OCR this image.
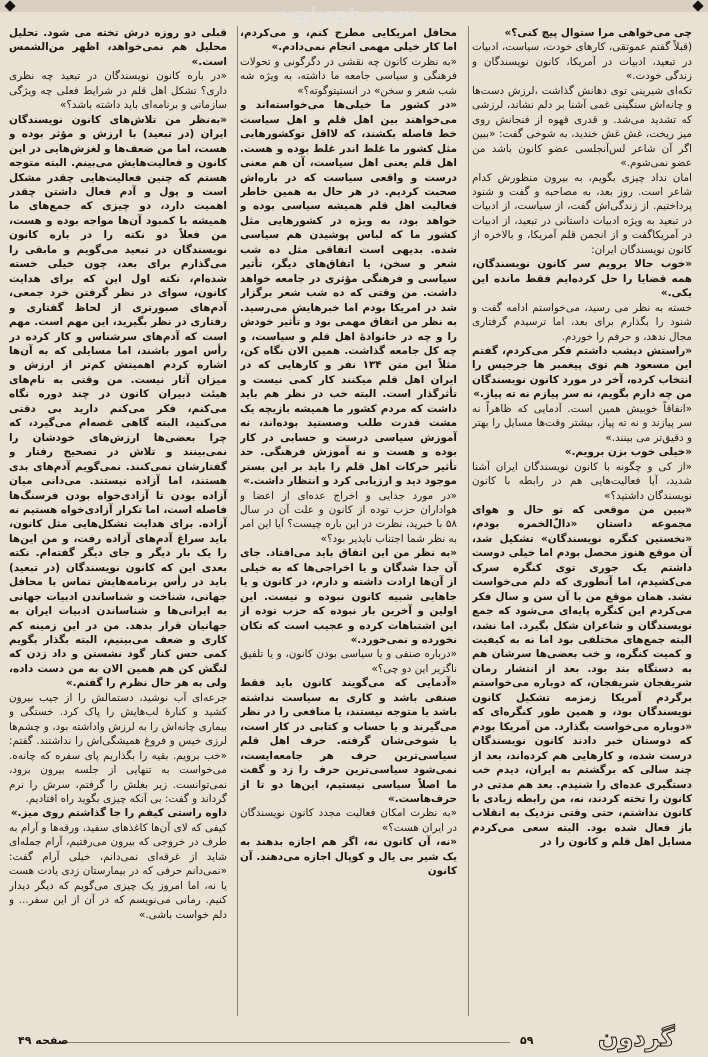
xalvat.com

چی می‌خواهی مرا ستوال پیچ کنی؟»

(قبلاً گفتم عموتقی، کارهای خودت، سیاست، ادبیات در تبعید، ادبیات در آمریکا، کانون نویسندگان و زندگی خودت.»

تکه‌ای شیرینی توی دهانش گذاشت ،لرزش دست‌ها و چانه‌اش سنگینی غمی آشنا بر دلم نشاند، لرزشی که تشدید می‌شد. و قدری قهوه از فنجانش روی میز ریخت، غش غش خندید، به شوخی گفت: «ببین اگر آن شاعر لس‌آنجلسی عضو کانون باشد من عضو نمی‌شوم.»

امان نداد چیزی بگویم، به بیرون منظورش کدام شاعر است. روز بعد، به مصاحبه و گفت و شنود پرداختیم. از زندگی‌اش گفت، از سیاست، از ادبیات در تبعید به ویژه ادبیات داستانی در تبعید، از ادبیات در آمریکاگفت و از انجمن قلم آمریکا، و بالاخره از کانون نویسندگان ایران:

«خوب حالا برویم سر کانون نویسندگان، همه قضایا را حل کرده‌ایم فقط مانده این یکی.»

خسته به نظر می رسید، می‌خواستم ادامه گفت و شنود را بگذارم برای بعد، اما ترسیدم گرفتاری مجال ندهد، و حرفم را خوردم.

«راستش دیشب داشتم فکر می‌کردم، گفتم این مسعود هم توی پیغمبر ها جرجیس را انتخاب کرده، آخر در مورد کانون نویسندگان من چه دارم بگویم، نه سر پیازم نه ته پیاز.»

«انفاقاً خوبیش همین است. آدمایی که ظاهراً نه سر پیازند و نه ته پیاز، بیشتر وقت‌ها مسایل را بهتر و دقیق‌تر می بینند.»

«خیلی خوب بزن برویم.»

«از کی و چگونه با کانون نویسندگان ایران آشنا شدید، آیا فعالیت‌هایی هم در رابطه با کانون نویسندگان داشتید؟»

«ببین من موقعی که تو حال و هوای مجموعه داستان «دالّ‌الخمره بودم، «نخستین کنگره نویسندگان» تشکیل شد، آن موقع هنوز محصل بودم اما خیلی دوست داشتم یک جوری توی کنگره سرک می‌کشیدم، اما آنطوری که دلم می‌خواست نشد. همان موقع من با آن سن و سال فکر می‌کردم این کنگره پایه‌ای می‌شود که جمع نویسندگان و شاعران شکل بگیرد. اما نشد، البته جمع‌های مختلفی بود اما نه به کیفیت و کمیت کنگره، و خب بعضی‌ها سرشان هم به دستگاه بند بود. بعد از انتشار رمان شریفجان شریفجان، که دوباره می‌خواستم برگردم آمریکا زمزمه تشکیل کانون نویسندگان بود، و همین طور کنگره‌ای که «دوباره می‌خواست بگذارد. من آمریکا بودم که دوستان خبر دادند کانون نویسندگان درست شده، و کارهایی هم کرده‌اند، بعد از چند سالی که برگشتم به ایران، دیدم خب دستگیری عده‌ای را شنیدم. بعد هم مدتی در کانون را تخته کردند، نه، من رابطه زیادی با کانون نداشتم، حتی وقتی نزدیک به انقلاب باز فعال شده بود. البته سعی می‌کردم مسایل اهل قلم و کانون را در

محافل امریکایی مطرح کنم، و می‌کردم، اما کار خیلی مهمی انجام نمی‌دادم.»

«به نظرت کانون چه نقشی در دگرگونی و تحولات فرهنگی و سیاسی جامعه ما داشته، به ویژه شه شب شعر و سخن» در انستیتوگوته؟»

«در کشور ما خیلی‌ها می‌خواسته‌اند و می‌خواهند بین اهل قلم و اهل سیاست خط فاصله بکشند، که لااقل توکشورهایی مثل کشور ما غلط اندر غلط بوده و هست. اهل قلم یعنی اهل سیاست، آن هم معنی درست و واقعی سیاست که در باره‌اش صحبت کردیم. در هر حال به همین خاطر فعالیت اهل قلم همیشه سیاسی بوده و خواهد بود، به ویژه در کشورهایی مثل کشور ما که لباس پوشیدن هم سیاسی شده. بدیهی است اتفاقی مثل ده شب شعر و سخن، یا اتفاق‌های دیگر، تأثیر سیاسی و فرهنگی مؤثری در جامعه خواهد داشت. من وقتی که ده شب شعر برگزار شد در امریکا بودم اما خبرهایش می‌رسید. به نظر من اتفاق مهمی بود و تأثیر خودش را و چه در خانوادهٔ اهل قلم و سیاست، و چه کل جامعه گذاشت. همین الان نگاه کن، مثلاً این متن ۱۳۴ نفر و کارهایی که در ایران اهل قلم میکنند کار کمی نیست و تأثرگذار است. البته خب در نظر هم باید داشت که مردم کشور ما همیشه بازیچه یک مشت قدرت طلب وصستید بوده‌اند، نه آموزش سیاسی درست و حسابی در کار بوده و هست و نه آموزش فرهنگی. حد تأثیر حرکات اهل قلم را باید بر این بستر موجود دید و ارزیابی کرد و انتظار داشت.»

«در مورد جدایی و اخراج عده‌ای از اعضا و هواداران حزب توده از کانون و علت آن در سال ۵۸ با خبرید، نظرت در این باره چیست؟ آیا این امر به نظر شما اجتناب ناپذیر بود؟»

«به نظر من این اتفاق باید می‌افتاد. جای آن جدا شدگان و یا اخراجی‌ها که به خیلی از آن‌ها ارادت داشته و دارم، در کانون و یا جاهایی شبیه کانون نبوده و نیست. این اولین و آخرین بار نبوده که حزب توده از این اشتباهات کرده و عجیب است که تکان نخورده و نمی‌خورد.»

«درباره صنفی و یا سیاسی بودن کانون، و یا تلفیق ناگزیر این دو چی؟»

«آدمایی که می‌گویند کانون باید فقط صنفی باشد و کاری به سیاست نداشته باشد یا متوجه نیستند، یا منافعی را در نظر می‌گیرند و یا حساب و کتابی در کار است، یا شوخی‌شان گرفته. حرف اهل قلم سیاسی‌ترین حرف هر جامعه‌ایست، نمی‌شود سیاسی‌ترین حرف را زد و گفت ما اصلاً سیاسی نیستیم، این‌ها دو تا از حرف‌هاست.»

«به نظرت امکان فعالیت مجدد کانون نویسندگان در ایران هست؟»

«نه، آن کانون نه، اگر هم اجازه بدهند به یک شیر بی یال و کوپال اجازه می‌دهند. آن کانون

قبلی دو روزه درش تخته می شود. تحلیل محلیل هم نمی‌خواهد، اظهر من‌الشمس است.»

«در باره کانون نویسندگان در تبعید چه نظری داری؟ تشکل اهل قلم در شرایط فعلی چه ویژگی سازمانی و برنامه‌ای باید داشته باشد؟»

«به‌نظر من تلاش‌های کانون نویسندگان ایران (در تبعید) با ارزش و مؤثر بوده و هست، اما من ضعف‌ها و لغزش‌هایی در این کانون و فعالیت‌هایش می‌بینم. البته متوجه هستم که چنین فعالیت‌هایی چقدر مشکل است و پول و آدم فعال داشتن چقدر اهمیت دارد، دو چیزی که جمع‌های ما همیشه با کمبود آن‌ها مواجه بوده و هست، من فعلاً دو نکته را در باره کانون نویسندگان در تبعید می‌گویم و مابقی را می‌گذارم برای بعد، چون خیلی خسته شده‌ام، نکته اول این که برای هدایت کانون، سوای در نظر گرفتن خرد جمعی، آدم‌های صبورتری از لحاظ گفتاری و رفتاری در نظر بگیرید، این مهم است. مهم است که آدم‌های سرشناس و کار کرده در رأس امور باشند، اما مسایلی که به آن‌ها اشاره کردم اهمیتش کم‌تر از ارزش و میزان آثار نیست. من وقتی به نام‌های هیئت دبیران کانون در چند دوره نگاه می‌کنم، فکر می‌کنم دارید بی دقتی می‌کنید، البته گاهی غصه‌ام می‌گیرد، که چرا بعضی‌ها ارزش‌های خودشان را نمی‌بینند و تلاش در تصحیح رفتار و گفتارشان نمی‌کنند. نمی‌گویم آدم‌های بدی هستند، اما آزاده نیستند. می‌دانی میان آزاده بودن تا آزادی‌خواه بودن فرسنگ‌ها فاصله است، اما تکرار آزادی‌خواه هستیم نه آزاده. برای هدایت تشکل‌هایی مثل کانون، باید سراغ آدم‌های آزاده رفت، و من این‌ها را یک بار دیگر و جای دیگر گفته‌ام. نکته بعدی این که کانون نویسندگان (در تبعید) باید در رأس برنامه‌هایش تماس با محافل جهانی، شناخت و شناساندن ادبیات جهانی به ایرانی‌ها و شناساندن ادبیات ایران به جهانیان قرار بدهد. من در این زمینه کم کاری و ضعف می‌بینیم، البته بگذار بگویم کمی حس کنار گود نشستن و داد زدن که لنگش کن هم همین الان به من دست داده، ولی به هر حال نظرم را گفتم.»

جرعه‌ای آب نوشید، دستمالش را از جیب بیرون کشید و کنارهٔ لب‌هایش را پاک کرد. خستگی و بیماری چانه‌اش را به لرزش واداشته بود، و چشم‌ها لرزی خیس و فروغ همیشگی‌اش را نداشتند. گفتم: «خب برویم. بقیه را بگذاریم پای سفره که چانه‌ه. می‌خواست به تنهایی از جلسه بیرون برود، نمی‌توانست. زیر بغلش را گرفتم، سرش را نرم گرداند و گفت: بی آنکه چیزی بگوید راه افتادیم.

داوه راستی کیفم را جا گذاشتم روی میز.»

کیفی که لای آن‌ها کاغذهای سفید، ورقه‌ها و آرام به طرف در خروجی که بیرون می‌رفتیم، آرام جمله‌ای شاید از غرقه‌ای نمی‌دانم، خیلی آرام گفت: «نمی‌دانم حرفی که در بیمارستان زدی یادت هست یا نه، اما امروز یک چیزی می‌گویم که دیگر دیدار کنیم. رمانی می‌نویسم که در آن از این سفر... و دلم خواست باشی.»

صفحه ۴۹	۵۹	گردون
